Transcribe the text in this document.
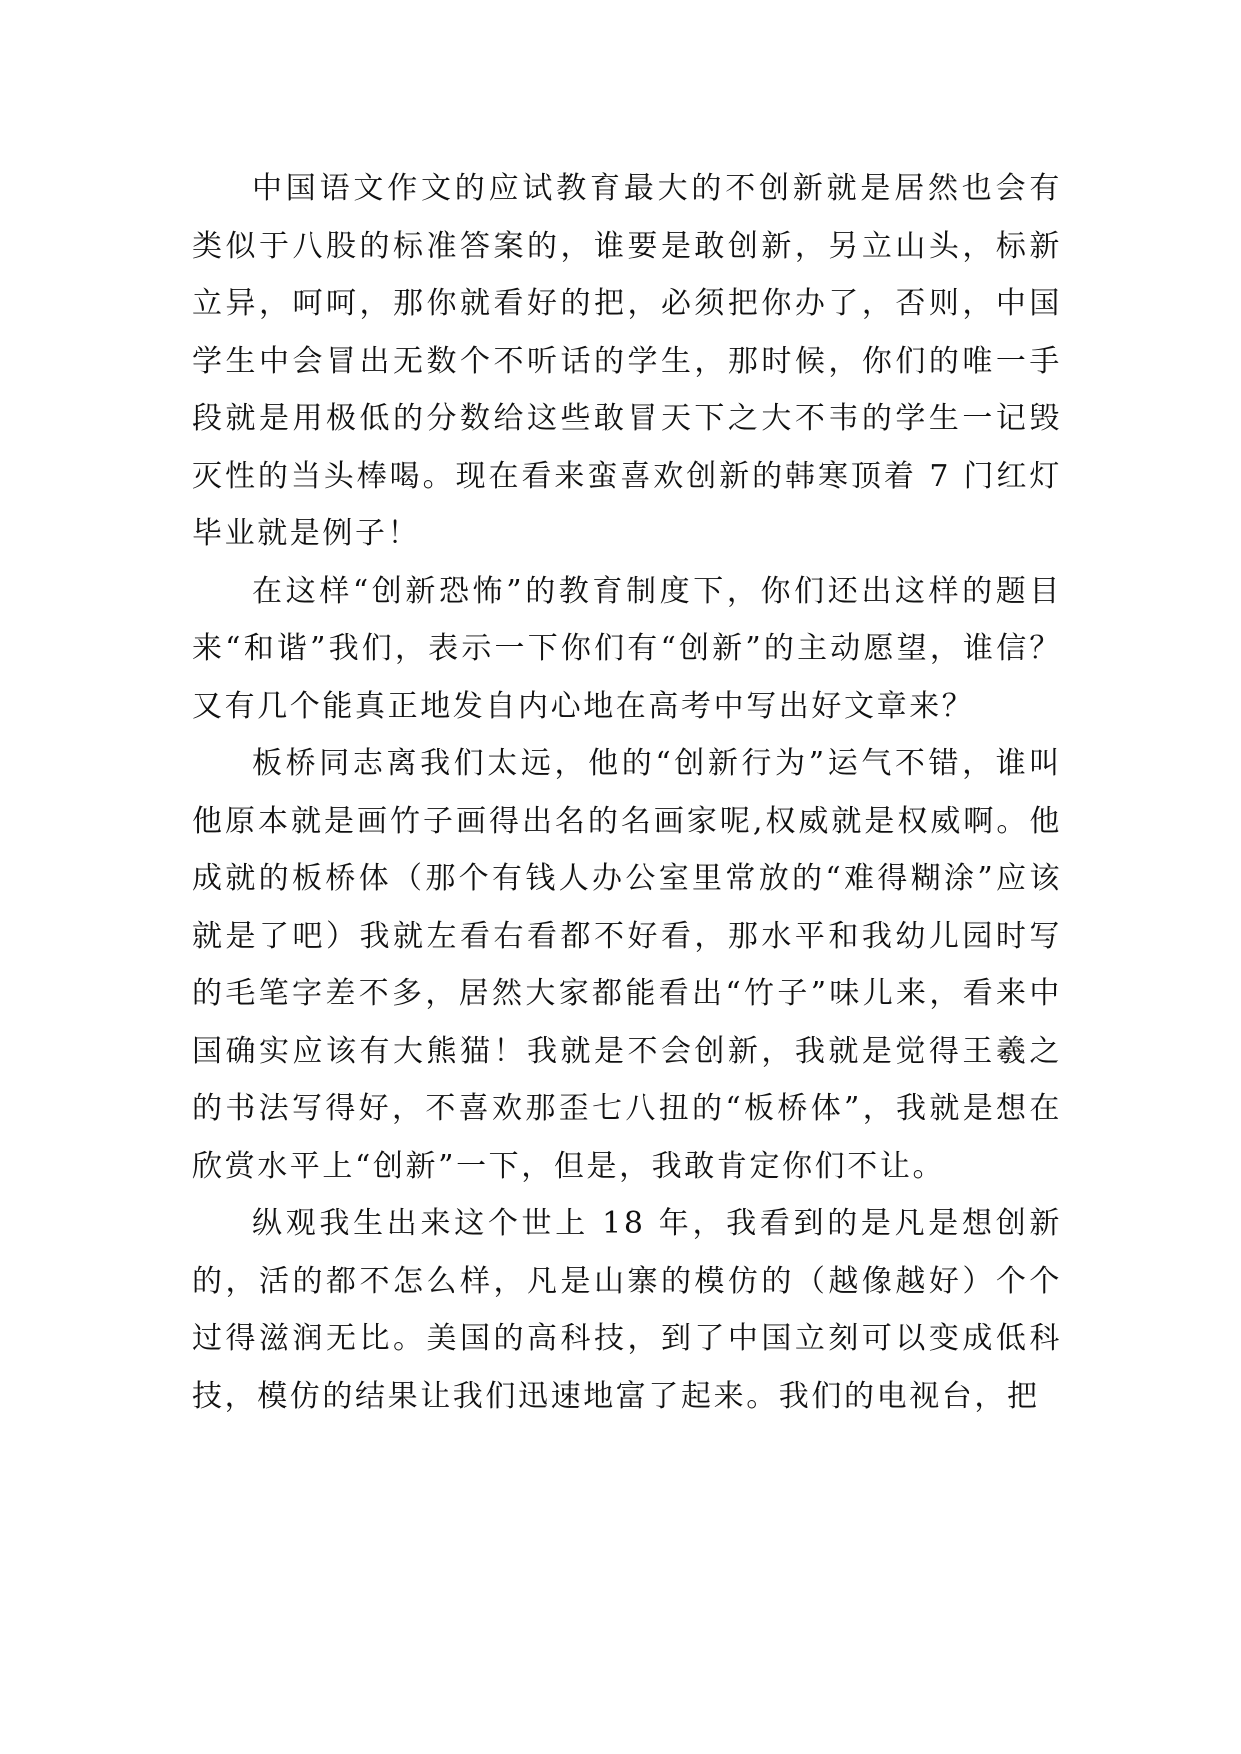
中国语文作文的应试教育最大的不创新就是居然也会有类似于八股的标准答案的，谁要是敢创新，另立山头，标新立异，呵呵，那你就看好的把，必须把你办了，否则，中国学生中会冒出无数个不听话的学生，那时候，你们的唯一手段就是用极低的分数给这些敢冒天下之大不韦的学生一记毁灭性的当头棒喝。现在看来蛮喜欢创新的韩寒顶着 7 门红灯毕业就是例子！

在这样“创新恐怖”的教育制度下，你们还出这样的题目来“和谐”我们，表示一下你们有“创新”的主动愿望，谁信？又有几个能真正地发自内心地在高考中写出好文章来？

板桥同志离我们太远，他的“创新行为”运气不错，谁叫他原本就是画竹子画得出名的名画家呢,权威就是权威啊。他成就的板桥体（那个有钱人办公室里常放的“难得糊涂”应该就是了吧）我就左看右看都不好看，那水平和我幼儿园时写的毛笔字差不多，居然大家都能看出“竹子”味儿来，看来中国确实应该有大熊猫！我就是不会创新，我就是觉得王羲之的书法写得好，不喜欢那歪七八扭的“板桥体”，我就是想在欣赏水平上“创新”一下，但是，我敢肯定你们不让。

纵观我生出来这个世上 18 年，我看到的是凡是想创新的，活的都不怎么样，凡是山寨的模仿的（越像越好）个个过得滋润无比。美国的高科技，到了中国立刻可以变成低科技，模仿的结果让我们迅速地富了起来。我们的电视台，把
